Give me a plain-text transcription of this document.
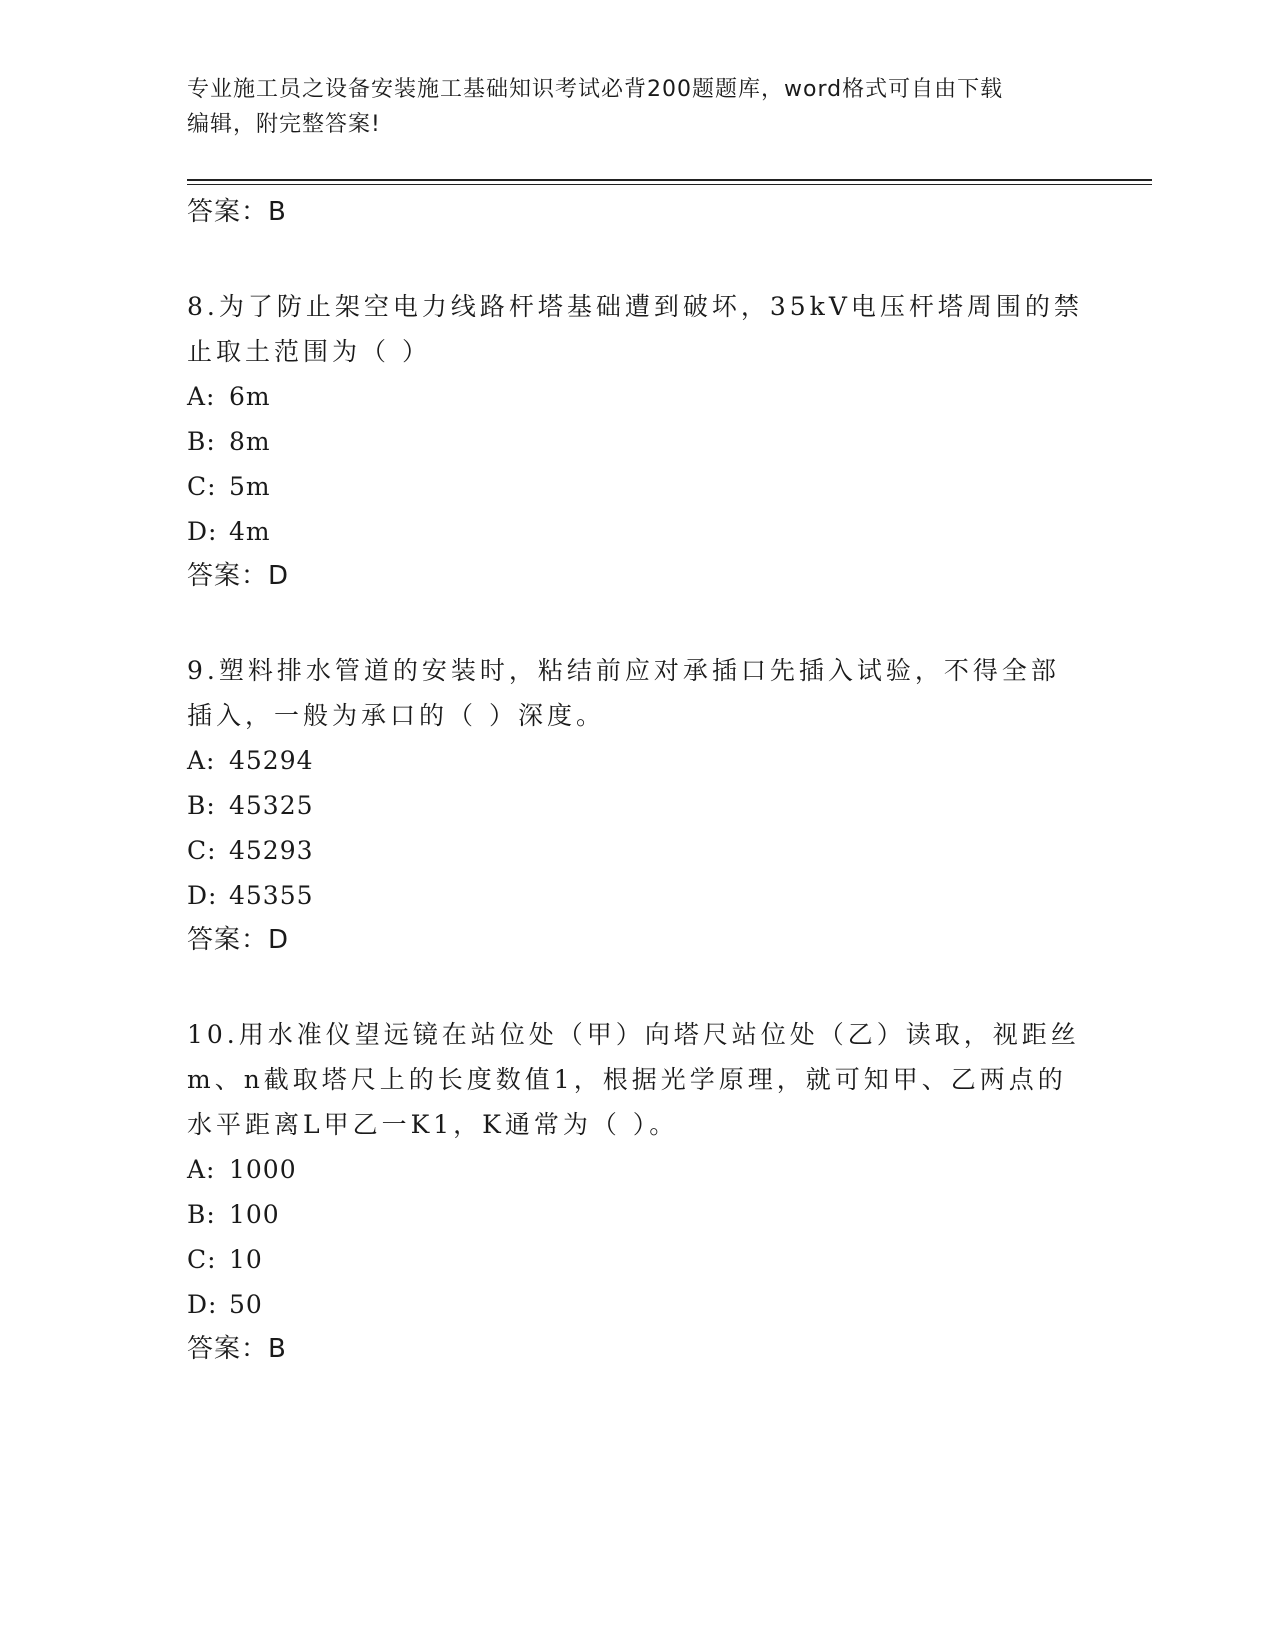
专业施工员之设备安装施工基础知识考试必背200题题库，word格式可自由下载
编辑，附完整答案!
答案：B
8.为了防止架空电力线路杆塔基础遭到破坏，35kV电压杆塔周围的禁
止取土范围为（ ）
A: 6m
B: 8m
C: 5m
D: 4m
答案：D
9.塑料排水管道的安装时，粘结前应对承插口先插入试验，不得全部
插入，一般为承口的（ ）深度。
A: 45294
B: 45325
C: 45293
D: 45355
答案：D
10.用水准仪望远镜在站位处（甲）向塔尺站位处（乙）读取，视距丝
m、n截取塔尺上的长度数值1，根据光学原理，就可知甲、乙两点的
水平距离L甲乙一K1，K通常为（ ）。
A: 1000
B: 100
C: 10
D: 50
答案：B
